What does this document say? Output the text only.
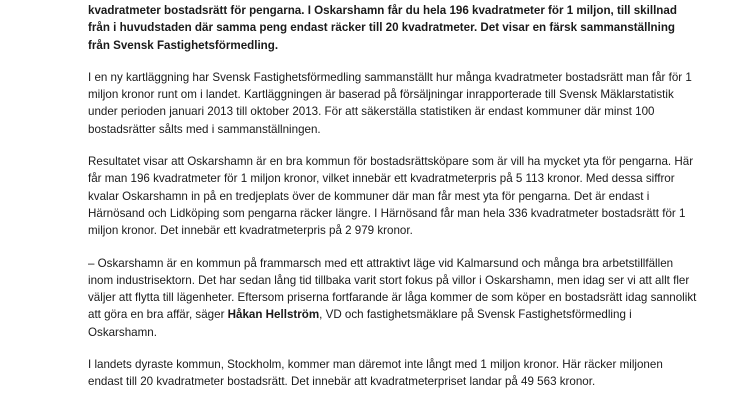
kvadratmeter bostadsrätt för pengarna. I Oskarshamn får du hela 196 kvadratmeter för 1 miljon, till skillnad från i huvudstaden där samma peng endast räcker till 20 kvadratmeter. Det visar en färsk sammanställning från Svensk Fastighetsförmedling.

I en ny kartläggning har Svensk Fastighetsförmedling sammanställt hur många kvadratmeter bostadsrätt man får för 1 miljon kronor runt om i landet. Kartläggningen är baserad på försäljningar inrapporterade till Svensk Mäklarstatistik under perioden januari 2013 till oktober 2013. För att säkerställa statistiken är endast kommuner där minst 100 bostadsrätter sålts med i sammanställningen.

Resultatet visar att Oskarshamn är en bra kommun för bostadsrättsköpare som är vill ha mycket yta för pengarna. Här får man 196 kvadratmeter för 1 miljon kronor, vilket innebär ett kvadratmeterpris på 5 113 kronor. Med dessa siffror kvalar Oskarshamn in på en tredjeplats över de kommuner där man får mest yta för pengarna. Det är endast i Härnösand och Lidköping som pengarna räcker längre. I Härnösand får man hela 336 kvadratmeter bostadsrätt för 1 miljon kronor. Det innebär ett kvadratmeterpris på 2 979 kronor.

– Oskarshamn är en kommun på frammarsch med ett attraktivt läge vid Kalmarsund och många bra arbetstillfällen inom industrisektorn. Det har sedan lång tid tillbaka varit stort fokus på villor i Oskarshamn, men idag ser vi att allt fler väljer att flytta till lägenheter. Eftersom priserna fortfarande är låga kommer de som köper en bostadsrätt idag sannolikt att göra en bra affär, säger Håkan Hellström, VD och fastighetsmäklare på Svensk Fastighetsförmedling i Oskarshamn.

I landets dyraste kommun, Stockholm, kommer man däremot inte långt med 1 miljon kronor. Här räcker miljonen endast till 20 kvadratmeter bostadsrätt. Det innebär att kvadratmeterpriset landar på 49 563 kronor.
